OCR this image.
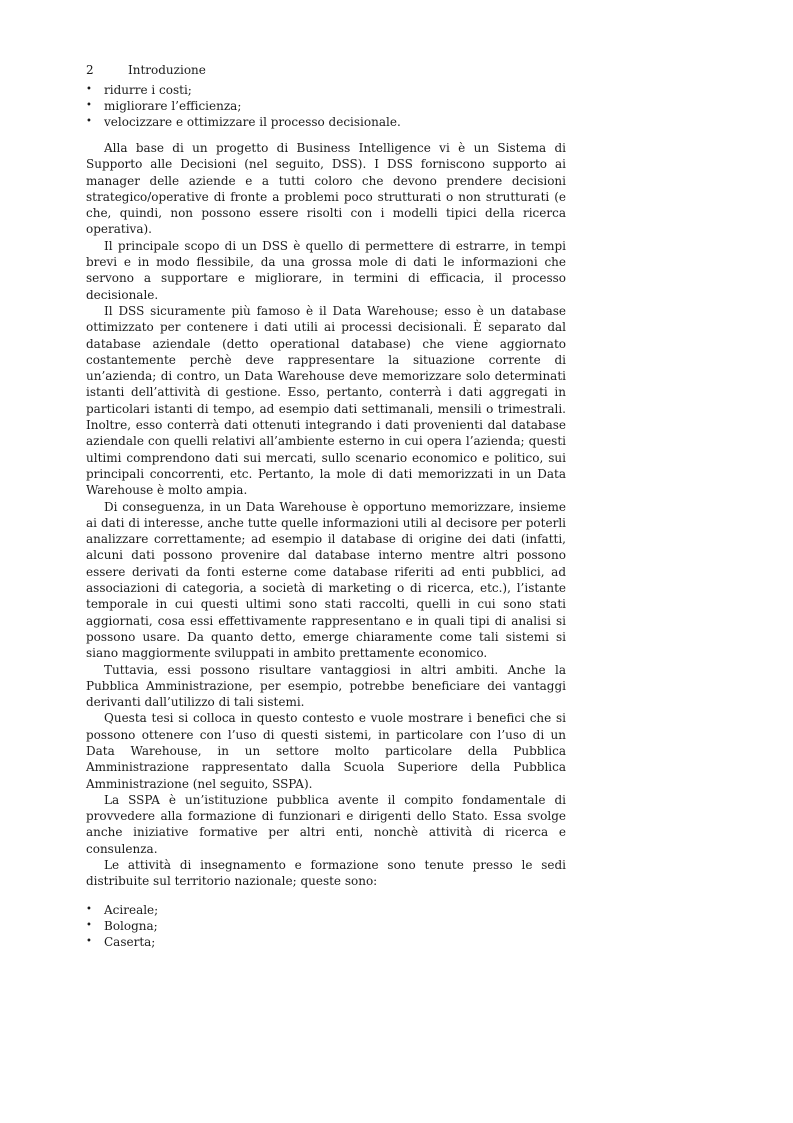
2	Introduzione
• ridurre i costi;
• migliorare l’efficienza;
• velocizzare e ottimizzare il processo decisionale.

Alla base di un progetto di Business Intelligence vi è un Sistema di Supporto alle Decisioni (nel seguito, DSS). I DSS forniscono supporto ai manager delle aziende e a tutti coloro che devono prendere decisioni strategico/operative di fronte a problemi poco strutturati o non strutturati (e che, quindi, non possono essere risolti con i modelli tipici della ricerca operativa).

Il principale scopo di un DSS è quello di permettere di estrarre, in tempi brevi e in modo flessibile, da una grossa mole di dati le informazioni che servono a supportare e migliorare, in termini di efficacia, il processo decisionale.

Il DSS sicuramente più famoso è il Data Warehouse; esso è un database ottimizzato per contenere i dati utili ai processi decisionali. È separato dal database aziendale (detto operational database) che viene aggiornato costantemente perchè deve rappresentare la situazione corrente di un’azienda; di contro, un Data Warehouse deve memorizzare solo determinati istanti dell’attività di gestione. Esso, pertanto, conterrà i dati aggregati in particolari istanti di tempo, ad esempio dati settimanali, mensili o trimestrali. Inoltre, esso conterrà dati ottenuti integrando i dati provenienti dal database aziendale con quelli relativi all’ambiente esterno in cui opera l’azienda; questi ultimi comprendono dati sui mercati, sullo scenario economico e politico, sui principali concorrenti, etc. Pertanto, la mole di dati memorizzati in un Data Warehouse è molto ampia.

Di conseguenza, in un Data Warehouse è opportuno memorizzare, insieme ai dati di interesse, anche tutte quelle informazioni utili al decisore per poterli analizzare correttamente; ad esempio il database di origine dei dati (infatti, alcuni dati possono provenire dal database interno mentre altri possono essere derivati da fonti esterne come database riferiti ad enti pubblici, ad associazioni di categoria, a società di marketing o di ricerca, etc.), l’istante temporale in cui questi ultimi sono stati raccolti, quelli in cui sono stati aggiornati, cosa essi effettivamente rappresentano e in quali tipi di analisi si possono usare. Da quanto detto, emerge chiaramente come tali sistemi si siano maggiormente sviluppati in ambito prettamente economico.

Tuttavia, essi possono risultare vantaggiosi in altri ambiti. Anche la Pubblica Amministrazione, per esempio, potrebbe beneficiare dei vantaggi derivanti dall’utilizzo di tali sistemi.

Questa tesi si colloca in questo contesto e vuole mostrare i benefici che si possono ottenere con l’uso di questi sistemi, in particolare con l’uso di un Data Warehouse, in un settore molto particolare della Pubblica Amministrazione rappresentato dalla Scuola Superiore della Pubblica Amministrazione (nel seguito, SSPA).

La SSPA è un’istituzione pubblica avente il compito fondamentale di provvedere alla formazione di funzionari e dirigenti dello Stato. Essa svolge anche iniziative formative per altri enti, nonchè attività di ricerca e consulenza.

Le attività di insegnamento e formazione sono tenute presso le sedi distribuite sul territorio nazionale; queste sono:

• Acireale;
• Bologna;
• Caserta;
